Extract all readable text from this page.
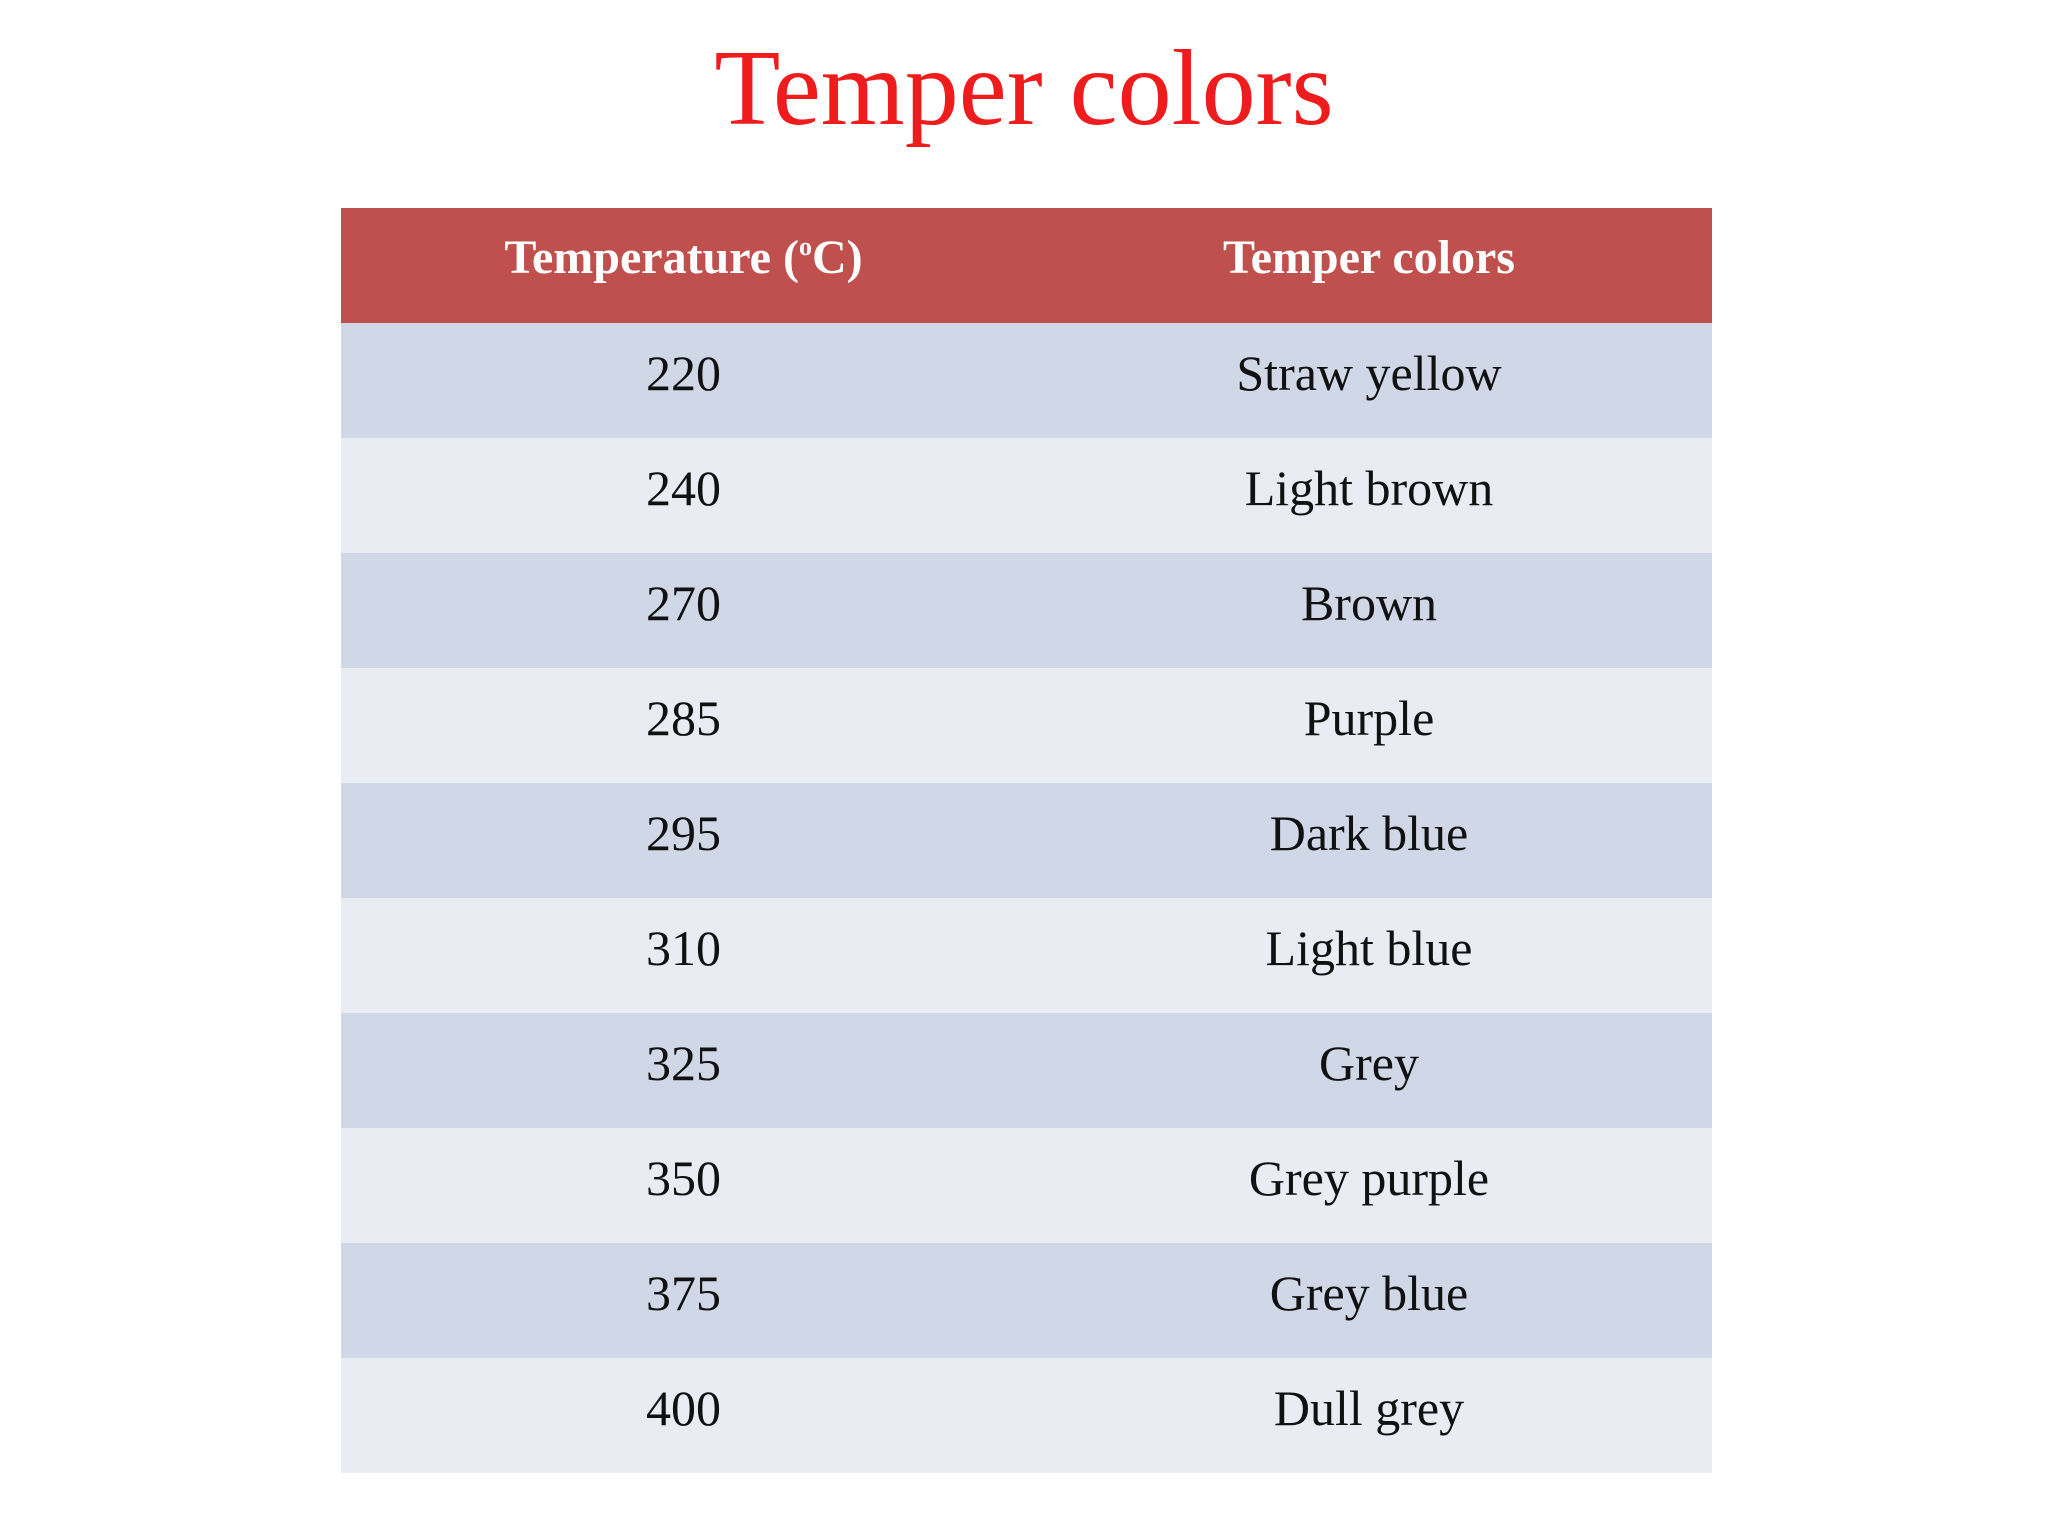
Temper colors
Temperature ($^o$C)	Temper colors
220	Straw yellow
240	Light brown
270	Brown
285	Purple
295	Dark blue
310	Light blue
325	Grey
350	Grey purple
375	Grey blue
400	Dull grey
